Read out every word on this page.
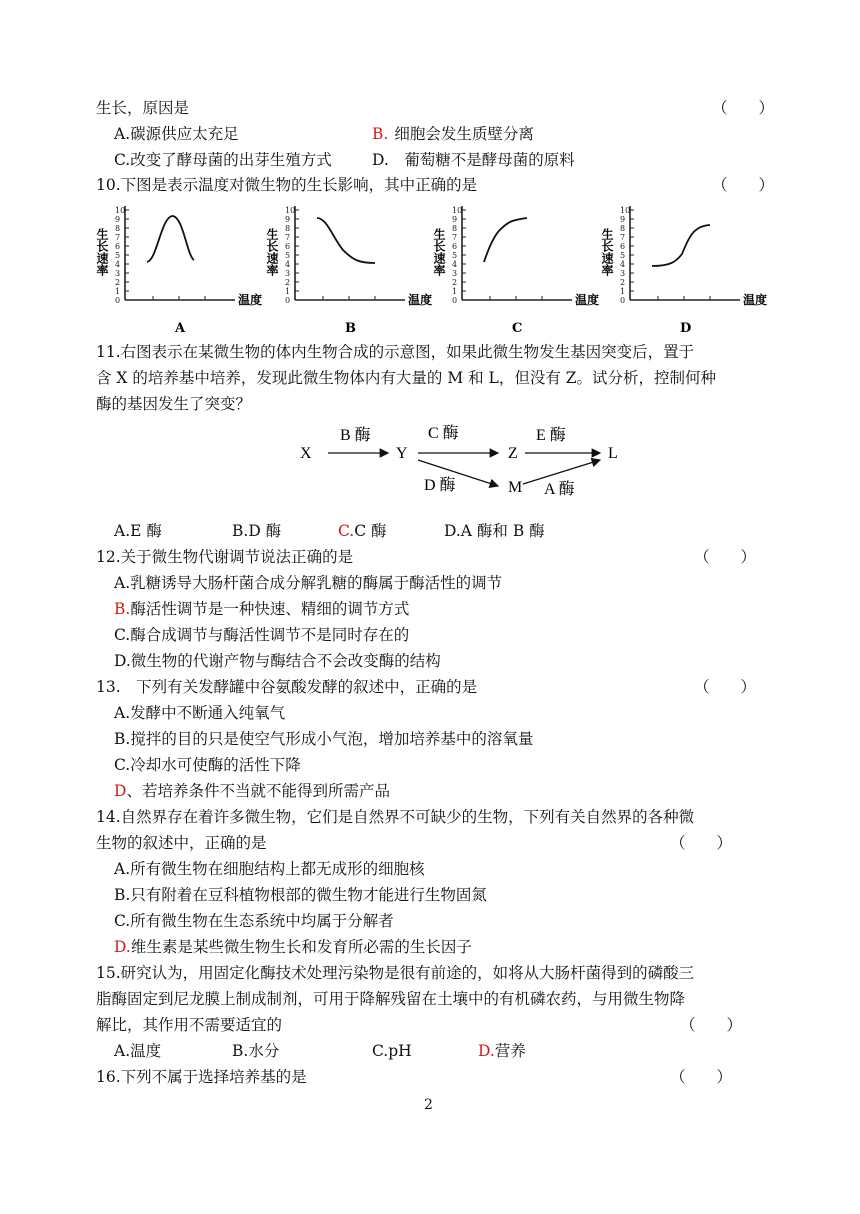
生长，原因是	（　　）
A.碳源供应太充足	B. 细胞会发生质壁分离
C.改变了酵母菌的出芽生殖方式	D.　葡萄糖不是酵母菌的原料
10.下图是表示温度对微生物的生长影响，其中正确的是	（　　）
10
9
8
7
6
5
4
3
2
1
0
生长速率
温度
A
10
9
8
7
6
5
4
3
2
1
0
生长速率
温度
B
10
9
8
7
6
5
4
3
2
1
0
生长速率
温度
C
10
9
8
7
6
5
4
3
2
1
0
生长速率
温度
D
11.右图表示在某微生物的体内生物合成的示意图，如果此微生物发生基因突变后，置于
含 X 的培养基中培养，发现此微生物体内有大量的 M 和 L，但没有 Z。试分析，控制何种
酶的基因发生了突变？
X	Y	Z	L
M
B 酶	C 酶	E 酶
D 酶	A 酶
A.E 酶	B.D 酶	C.C 酶	D.A 酶和 B 酶
12.关于微生物代谢调节说法正确的是	（　　）
A.乳糖诱导大肠杆菌合成分解乳糖的酶属于酶活性的调节
B.酶活性调节是一种快速、精细的调节方式
C.酶合成调节与酶活性调节不是同时存在的
D.微生物的代谢产物与酶结合不会改变酶的结构
13.　下列有关发酵罐中谷氨酸发酵的叙述中，正确的是	（　　）
A.发酵中不断通入纯氧气
B.搅拌的目的只是使空气形成小气泡，增加培养基中的溶氧量
C.冷却水可使酶的活性下降
D、若培养条件不当就不能得到所需产品
14.自然界存在着许多微生物，它们是自然界不可缺少的生物，下列有关自然界的各种微
生物的叙述中，正确的是	（　　）
A.所有微生物在细胞结构上都无成形的细胞核
B.只有附着在豆科植物根部的微生物才能进行生物固氮
C.所有微生物在生态系统中均属于分解者
D.维生素是某些微生物生长和发育所必需的生长因子
15.研究认为，用固定化酶技术处理污染物是很有前途的，如将从大肠杆菌得到的磷酸三
脂酶固定到尼龙膜上制成制剂，可用于降解残留在土壤中的有机磷农药，与用微生物降
解比，其作用不需要适宜的	（　　）
A.温度	B.水分	C.pH	D.营养
16.下列不属于选择培养基的是	（　　）
2
